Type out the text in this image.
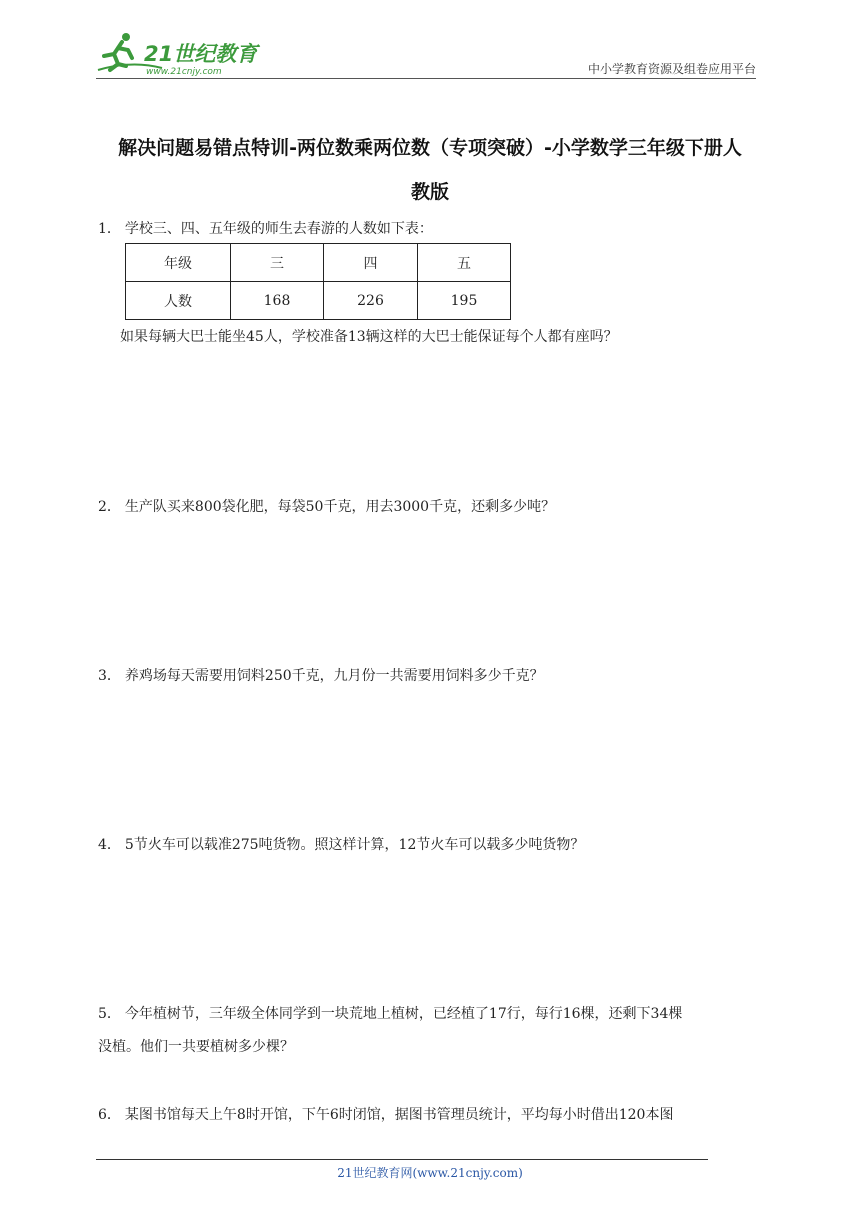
21世纪教育
www.21cnjy.com	中小学教育资源及组卷应用平台
解决问题易错点特训-两位数乘两位数（专项突破）-小学数学三年级下册人
教版
1． 学校三、四、五年级的师生去春游的人数如下表：
年级	三	四	五
人数	168	226	195
如果每辆大巴士能坐45人，学校准备13辆这样的大巴士能保证每个人都有座吗？
2． 生产队买来800袋化肥，每袋50千克，用去3000千克，还剩多少吨？
3． 养鸡场每天需要用饲料250千克，九月份一共需要用饲料多少千克？
4． 5节火车可以载准275吨货物。照这样计算，12节火车可以载多少吨货物？
5． 今年植树节，三年级全体同学到一块荒地上植树，已经植了17行，每行16棵，还剩下34棵
没植。他们一共要植树多少棵？
6． 某图书馆每天上午8时开馆，下午6时闭馆，据图书管理员统计，平均每小时借出120本图
21世纪教育网(www.21cnjy.com)
